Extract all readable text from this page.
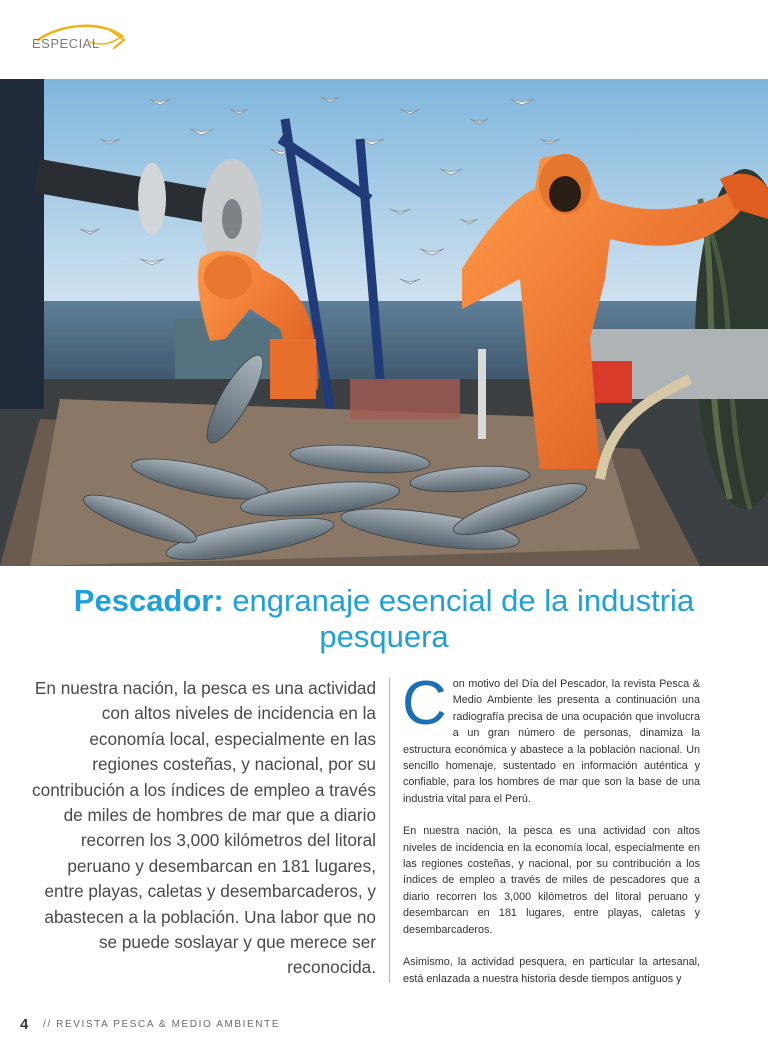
ESPECIAL
Pescador: engranaje esencial de la industria pesquera
En nuestra nación, la pesca es una actividad con altos niveles de incidencia en la economía local, especialmente en las regiones costeñas, y nacional, por su contribución a los índices de empleo a través de miles de hombres de mar que a diario recorren los 3,000 kilómetros del litoral peruano y desembarcan en 181 lugares, entre playas, caletas y desembarcaderos, y abastecen a la población. Una labor que no se puede soslayar y que merece ser reconocida.

Con motivo del Día del Pescador, la revista Pesca & Medio Ambiente les presenta a continuación una radiografía precisa de una ocupación que involucra a un gran número de personas, dinamiza la estructura económica y abastece a la población nacional. Un sencillo homenaje, sustentado en información auténtica y confiable, para los hombres de mar que son la base de una industria vital para el Perú.

En nuestra nación, la pesca es una actividad con altos niveles de incidencia en la economía local, especialmente en las regiones costeñas, y nacional, por su contribución a los índices de empleo a través de miles de pescadores que a diario recorren los 3,000 kilómetros del litoral peruano y desembarcan en 181 lugares, entre playas, caletas y desembarcaderos.

Asimismo, la actividad pesquera, en particular la artesanal, está enlazada a nuestra historia desde tiempos antiguos y

4 // REVISTA PESCA & MEDIO AMBIENTE
